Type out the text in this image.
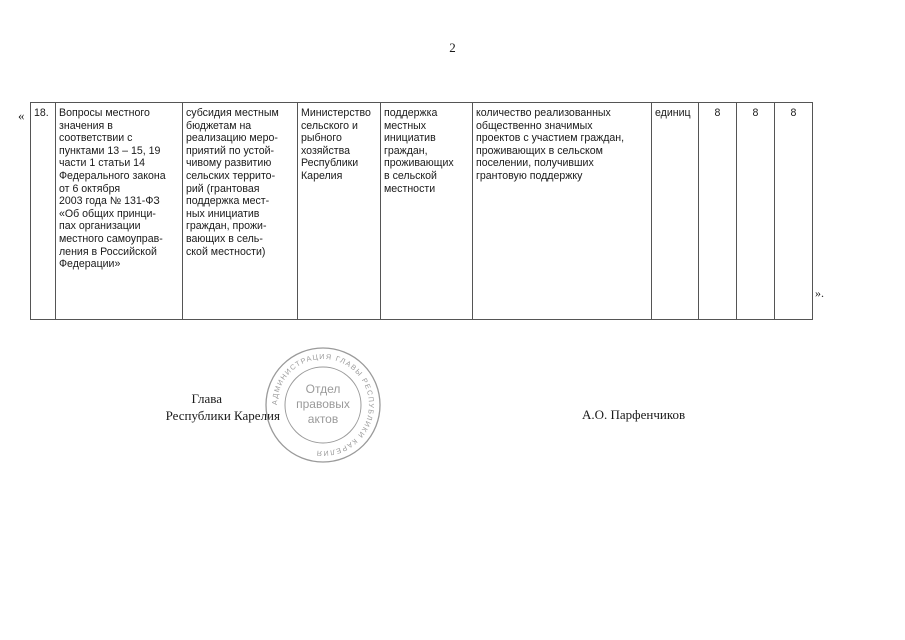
2
« 18.	Вопросы местного
значения в
соответствии с
пунктами 13 – 15, 19
части 1 статьи 14
Федерального закона
от 6 октября
2003 года № 131-ФЗ
«Об общих принци-
пах организации
местного самоуправ-
ления в Российской
Федерации»

субсидия местным
бюджетам на
реализацию меро-
приятий по устой-
чивому развитию
сельских террито-
рий (грантовая
поддержка мест-
ных инициатив
граждан, прожи-
вающих в сель-
ской местности)

Министерство
сельского и
рыбного
хозяйства
Республики
Карелия

поддержка
местных
инициатив
граждан,
проживающих
в сельской
местности

количество реализованных
общественно значимых
проектов с участием граждан,
проживающих в сельском
поселении, получивших
грантовую поддержку
	единиц	8	8	8
».
Глава
Республики Карелия
АДМИНИСТРАЦИЯ ГЛАВЫ РЕСПУБЛИКИ КАРЕЛИЯ
Отдел
правовых
актов	А.О. Парфенчиков
